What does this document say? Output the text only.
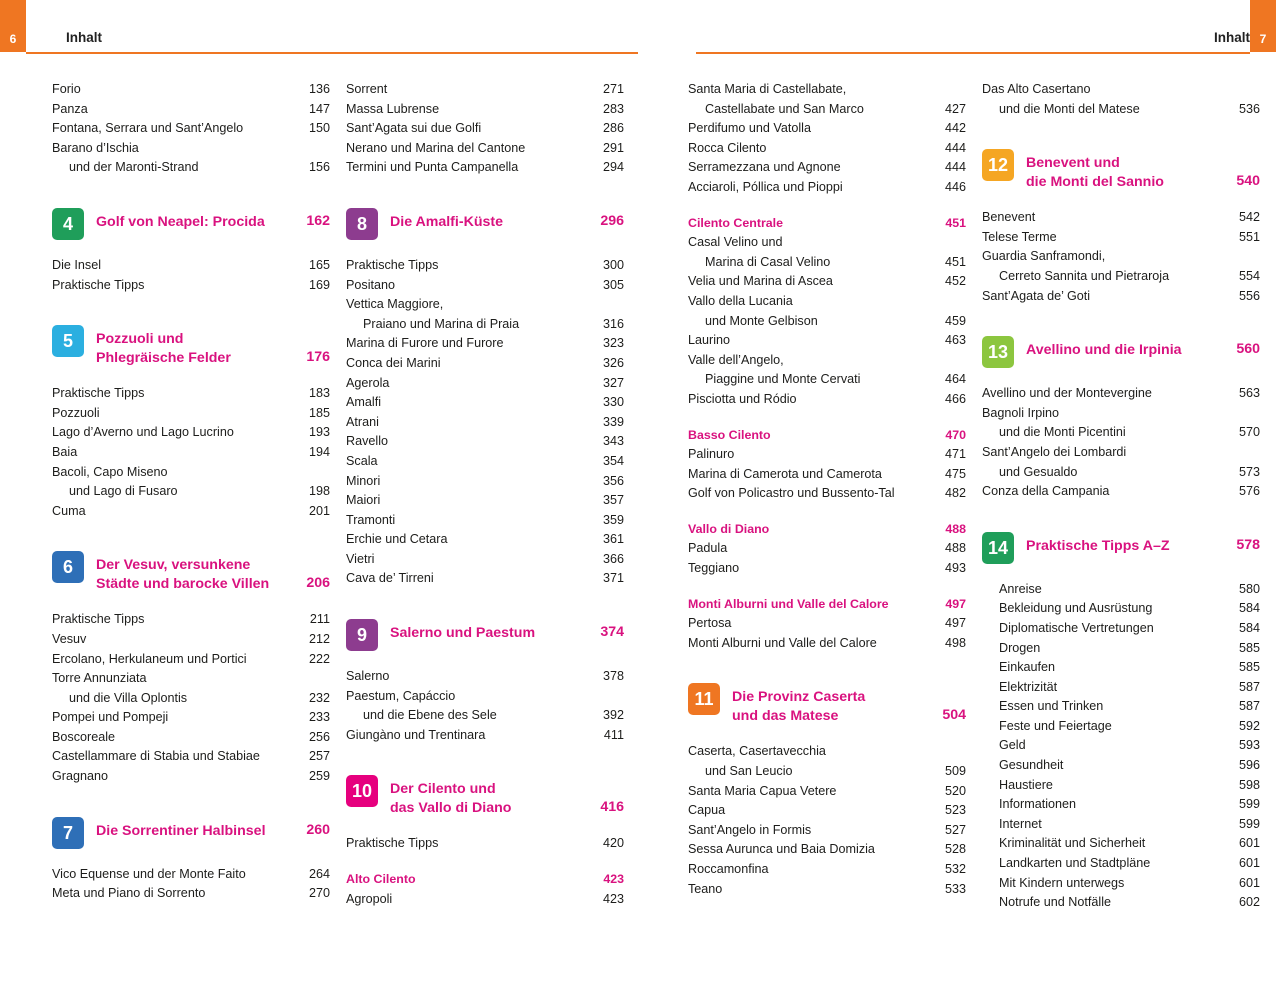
6	Inhalt
Forio	136
Panza	147
Fontana, Serrara und Sant’Angelo	150
Barano d’Ischia
und der Maronti-Strand	156
4	Golf von Neapel: Procida	162
Die Insel	165
Praktische Tipps	169
5	Pozzuoli und
Phlegräische Felder	176
Praktische Tipps	183
Pozzuoli	185
Lago d’Averno und Lago Lucrino	193
Baia	194
Bacoli, Capo Miseno
und Lago di Fusaro	198
Cuma	201
6	Der Vesuv, versunkene
Städte und barocke Villen	206
Praktische Tipps	211
Vesuv	212
Ercolano, Herkulaneum und Portici	222
Torre Annunziata
und die Villa Oplontis	232
Pompei und Pompeji	233
Boscoreale	256
Castellammare di Stabia und Stabiae	257
Gragnano	259
7	Die Sorrentiner Halbinsel	260
Vico Equense und der Monte Faito	264
Meta und Piano di Sorrento	270
Sorrent	271
Massa Lubrense	283
Sant’Agata sui due Golfi	286
Nerano und Marina del Cantone	291
Termini und Punta Campanella	294
8	Die Amalfi-Küste	296
Praktische Tipps	300
Positano	305
Vettica Maggiore,
Praiano und Marina di Praia	316
Marina di Furore und Furore	323
Conca dei Marini	326
Agerola	327
Amalfi	330
Atrani	339
Ravello	343
Scala	354
Minori	356
Maiori	357
Tramonti	359
Erchie und Cetara	361
Vietri	366
Cava de’ Tirreni	371
9	Salerno und Paestum	374
Salerno	378
Paestum, Capáccio
und die Ebene des Sele	392
Giungàno und Trentinara	411
10	Der Cilento und
das Vallo di Diano	416
Praktische Tipps	420
Alto Cilento	423
Agropoli	423
7
Inhalt
Santa Maria di Castellabate,
Castellabate und San Marco	427
Perdifumo und Vatolla	442
Rocca Cilento	444
Serramezzana und Agnone	444
Acciaroli, Póllica und Pioppi	446
Cilento Centrale	451
Casal Velino und
Marina di Casal Velino	451
Velia und Marina di Ascea	452
Vallo della Lucania
und Monte Gelbison	459
Laurino	463
Valle dell’Angelo,
Piaggine und Monte Cervati	464
Pisciotta und Ródio	466
Basso Cilento	470
Palinuro	471
Marina di Camerota und Camerota	475
Golf von Policastro und Bussento-Tal	482
Vallo di Diano	488
Padula	488
Teggiano	493
Monti Alburni und Valle del Calore	497
Pertosa	497
Monti Alburni und Valle del Calore	498
11	Die Provinz Caserta
und das Matese	504
Caserta, Casertavecchia
und San Leucio	509
Santa Maria Capua Vetere	520
Capua	523
Sant’Angelo in Formis	527
Sessa Aurunca und Baia Domizia	528
Roccamonfina	532
Teano	533
Das Alto Casertano
und die Monti del Matese	536
12	Benevent und
die Monti del Sannio	540
Benevent	542
Telese Terme	551
Guardia Sanframondi,
Cerreto Sannita und Pietraroja	554
Sant’Agata de’ Goti	556
13	Avellino und die Irpinia	560
Avellino und der Montevergine	563
Bagnoli Irpino
und die Monti Picentini	570
Sant’Angelo dei Lombardi
und Gesualdo	573
Conza della Campania	576
14	Praktische Tipps A–Z	578
Anreise	580
Bekleidung und Ausrüstung	584
Diplomatische Vertretungen	584
Drogen	585
Einkaufen	585
Elektrizität	587
Essen und Trinken	587
Feste und Feiertage	592
Geld	593
Gesundheit	596
Haustiere	598
Informationen	599
Internet	599
Kriminalität und Sicherheit	601
Landkarten und Stadtpläne	601
Mit Kindern unterwegs	601
Notrufe und Notfälle	602
